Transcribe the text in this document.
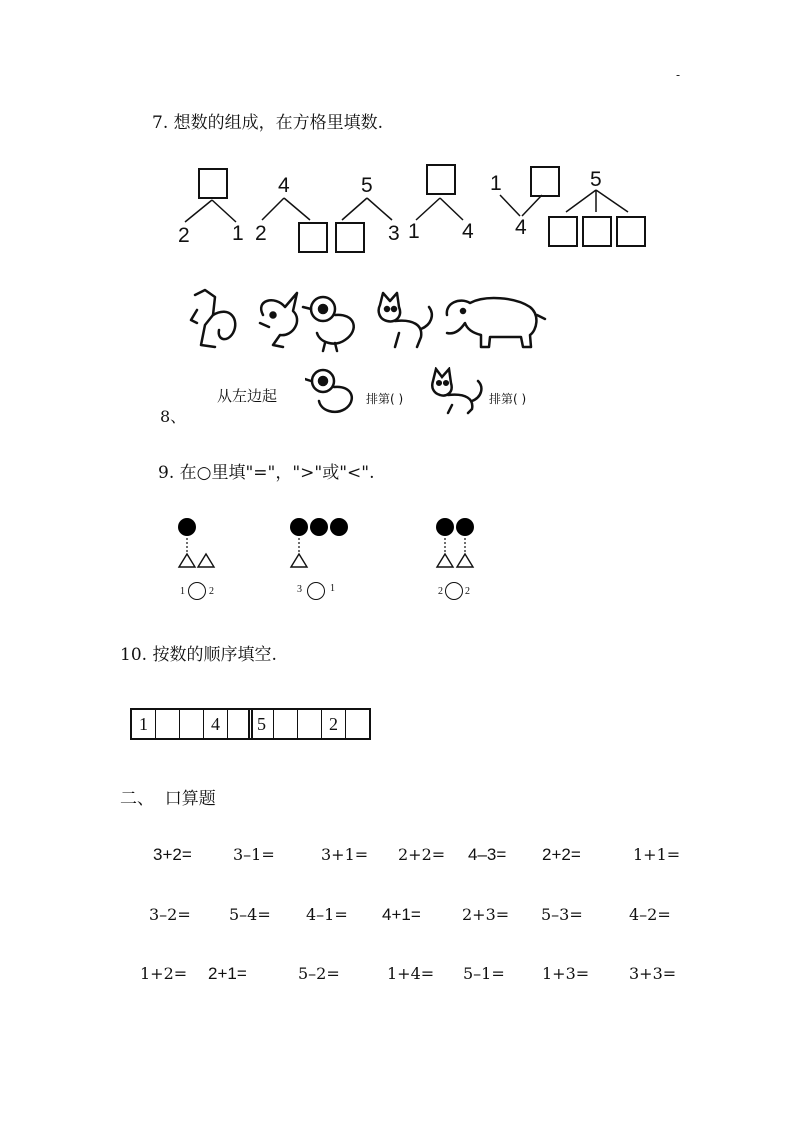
-
7. 想数的组成，在方格里填数.
2 1
4
2
5
3 1 4
1
4
5
8、
从左边起	排第( )	排第( )
9. 在○里填"="，">"或"<".
1 2	3	1	2 2
10. 按数的顺序填空.
1	4	5	2
二、  口算题
3+2=	3–1=	3+1= 2+2= 4–3= 2+2=	1+1=
3–2= 5–4= 4–1= 4+1=	2+3= 5–3=	4–2=
1+2= 2+1=	5–2=	1+4= 5–1= 1+3= 3+3=
